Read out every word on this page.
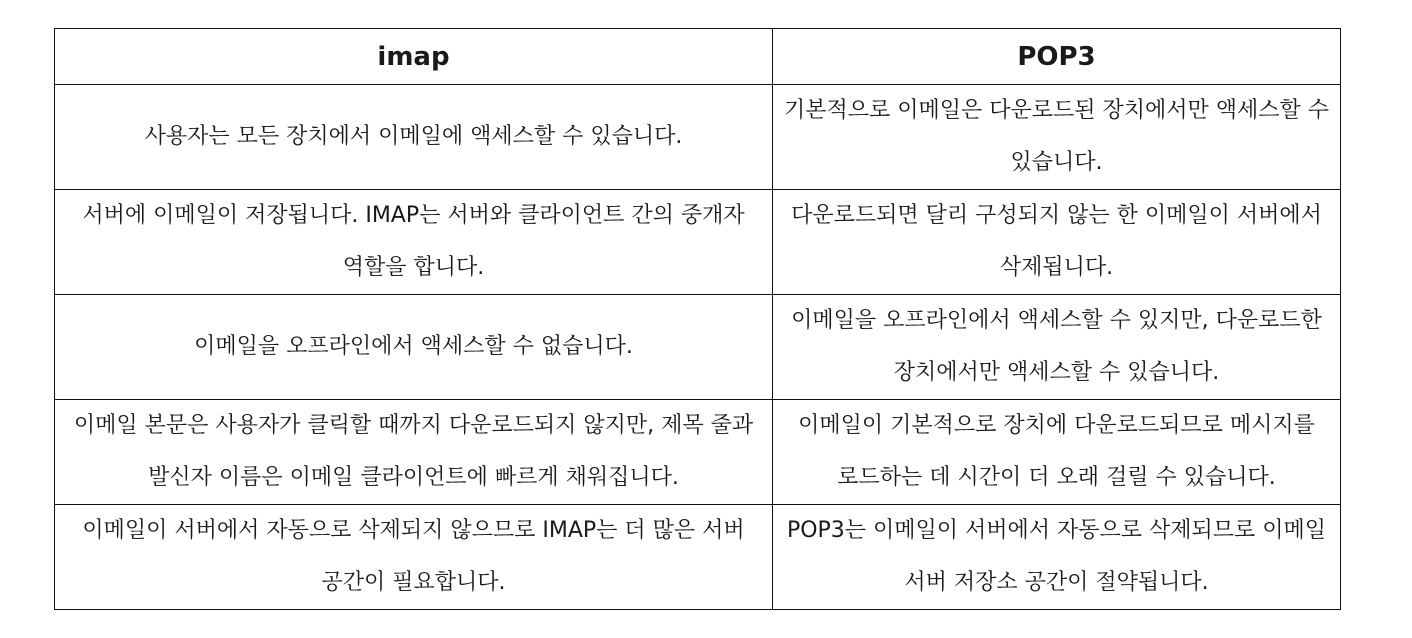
imap	POP3
사용자는 모든 장치에서 이메일에 액세스할 수 있습니다.	기본적으로 이메일은 다운로드된 장치에서만 액세스할 수 있습니다.
서버에 이메일이 저장됩니다. IMAP는 서버와 클라이언트 간의 중개자 역할을 합니다.	다운로드되면 달리 구성되지 않는 한 이메일이 서버에서 삭제됩니다.
이메일을 오프라인에서 액세스할 수 없습니다.	이메일을 오프라인에서 액세스할 수 있지만, 다운로드한 장치에서만 액세스할 수 있습니다.
이메일 본문은 사용자가 클릭할 때까지 다운로드되지 않지만, 제목 줄과 발신자 이름은 이메일 클라이언트에 빠르게 채워집니다.	이메일이 기본적으로 장치에 다운로드되므로 메시지를 로드하는 데 시간이 더 오래 걸릴 수 있습니다.
이메일이 서버에서 자동으로 삭제되지 않으므로 IMAP는 더 많은 서버 공간이 필요합니다.	POP3는 이메일이 서버에서 자동으로 삭제되므로 이메일 서버 저장소 공간이 절약됩니다.
